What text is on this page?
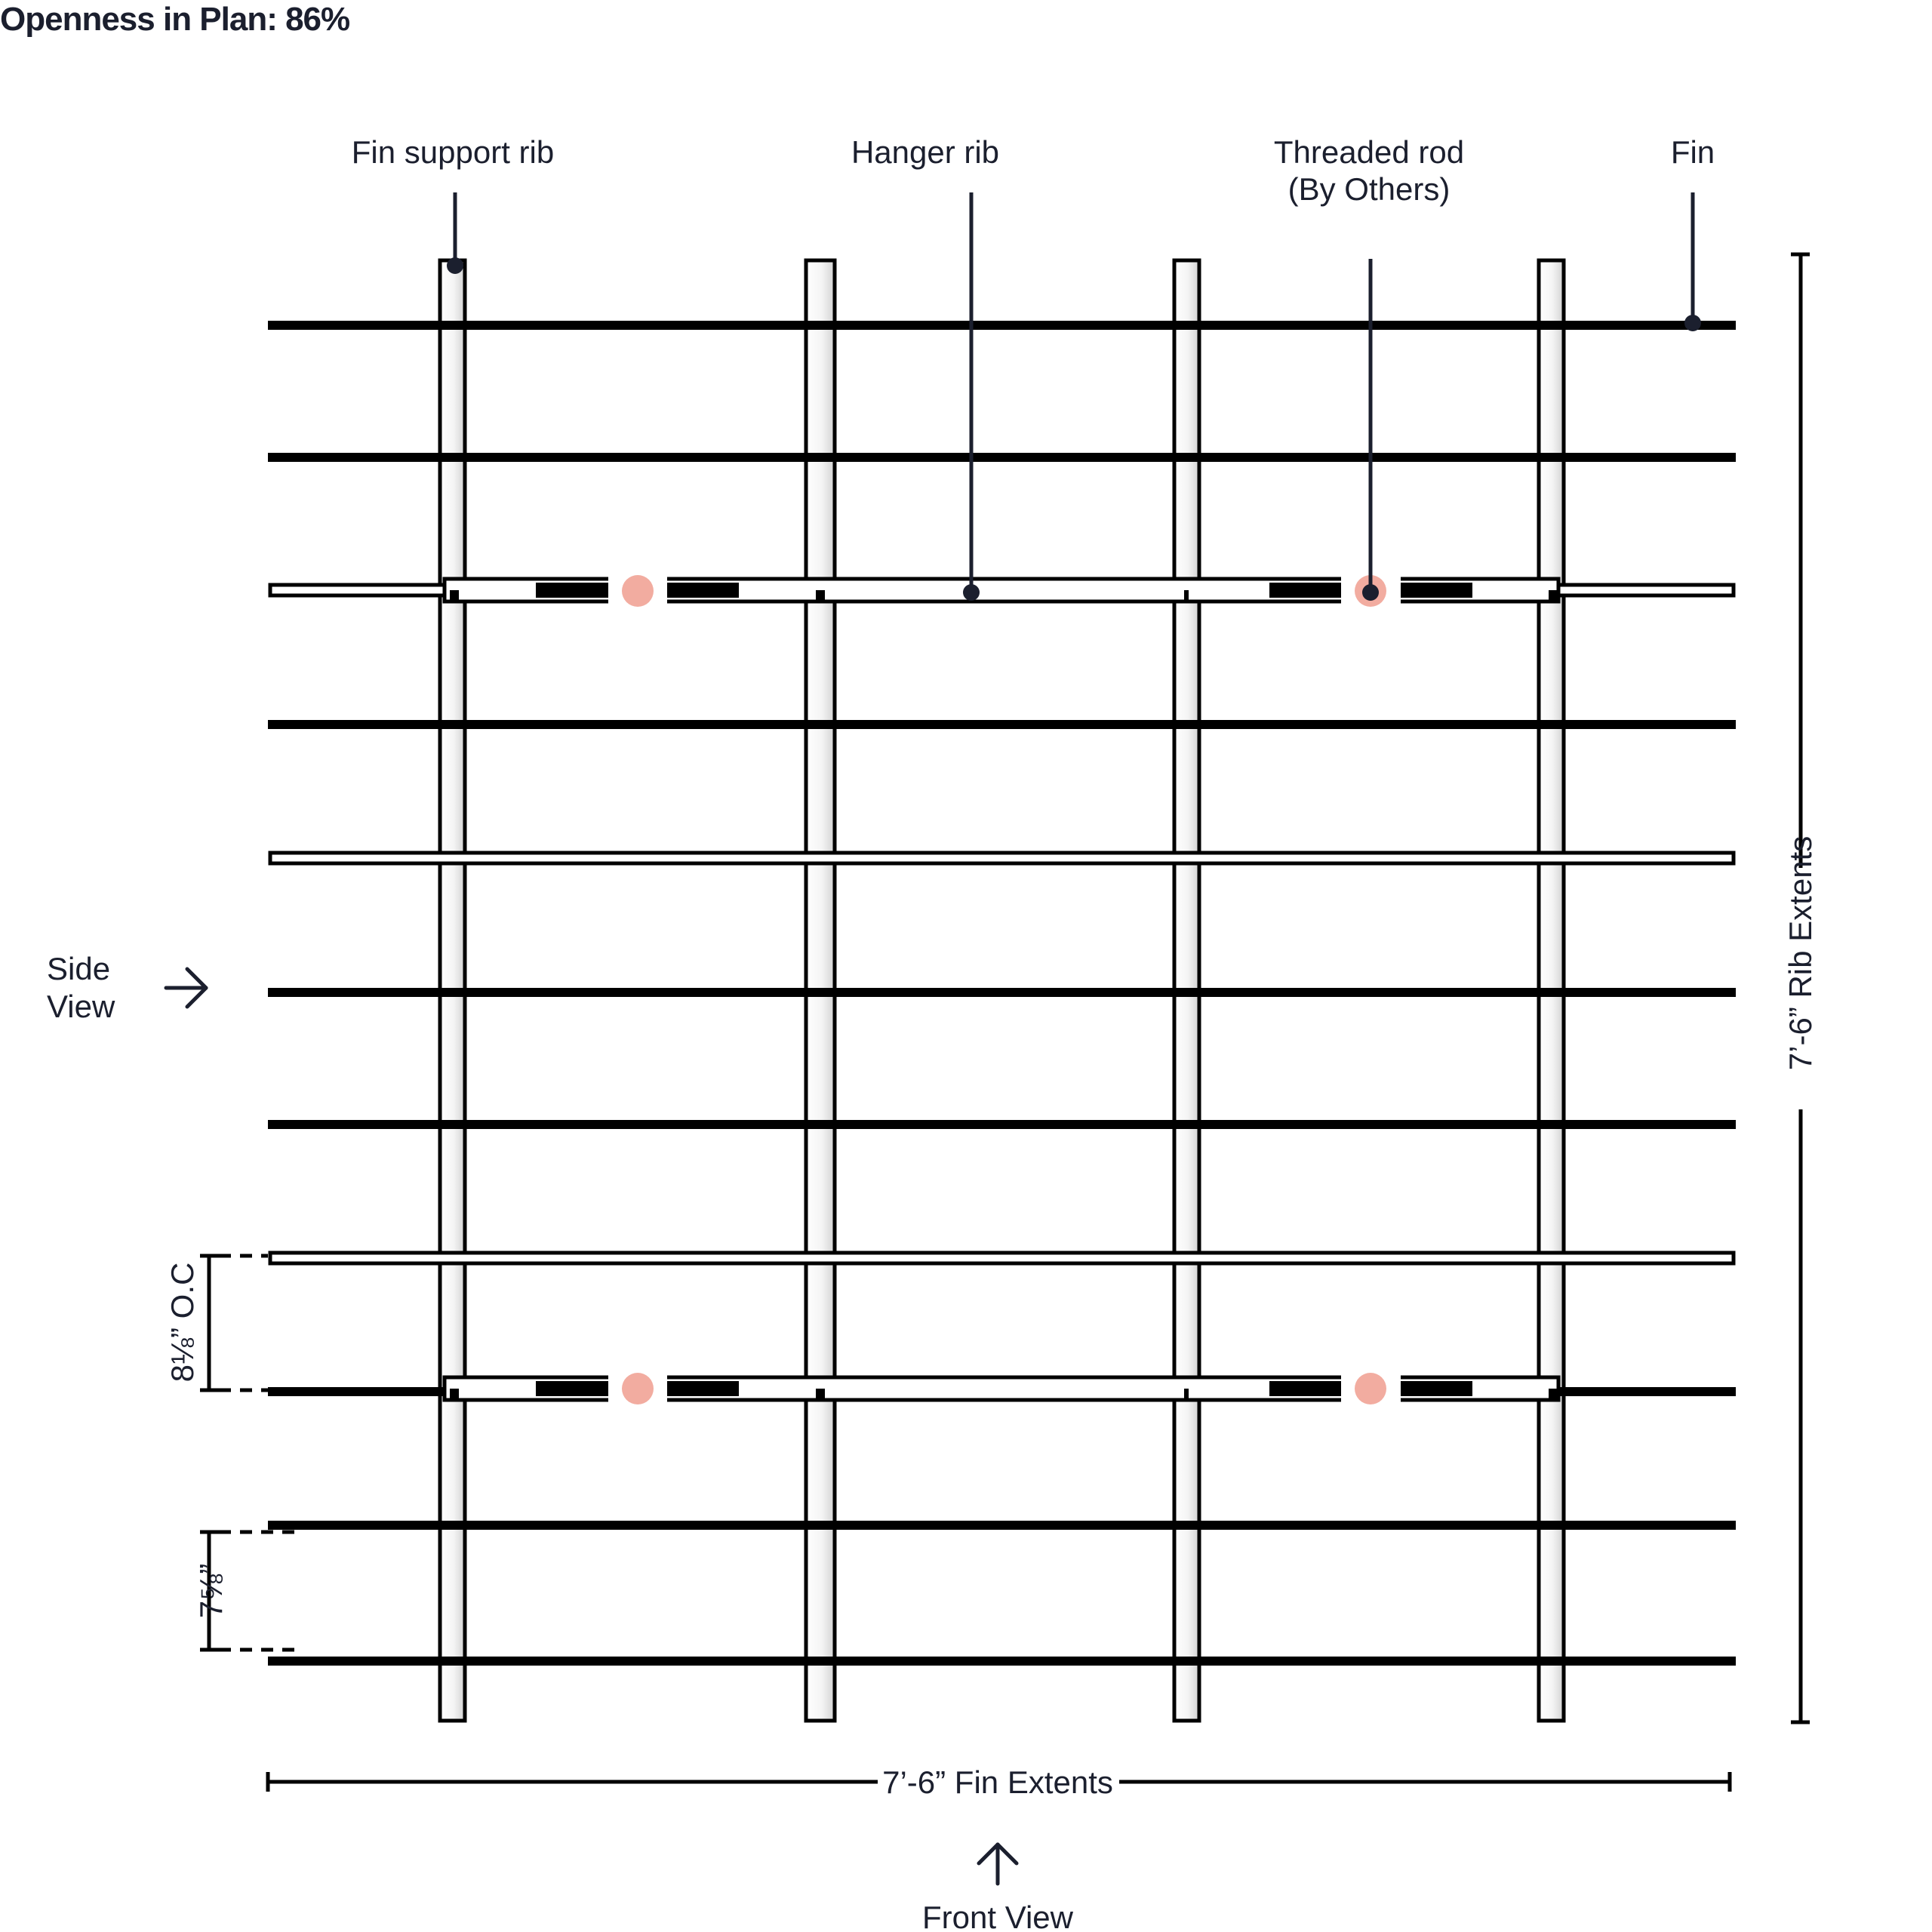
Openness in Plan: 86%
Fin support rib	Hanger rib	Threaded rod
(By Others)
Fin
7’-6” Rib Extents
7’-6” Fin Extents
8⅛” O.C
7⅝”
Side
View
Front View
